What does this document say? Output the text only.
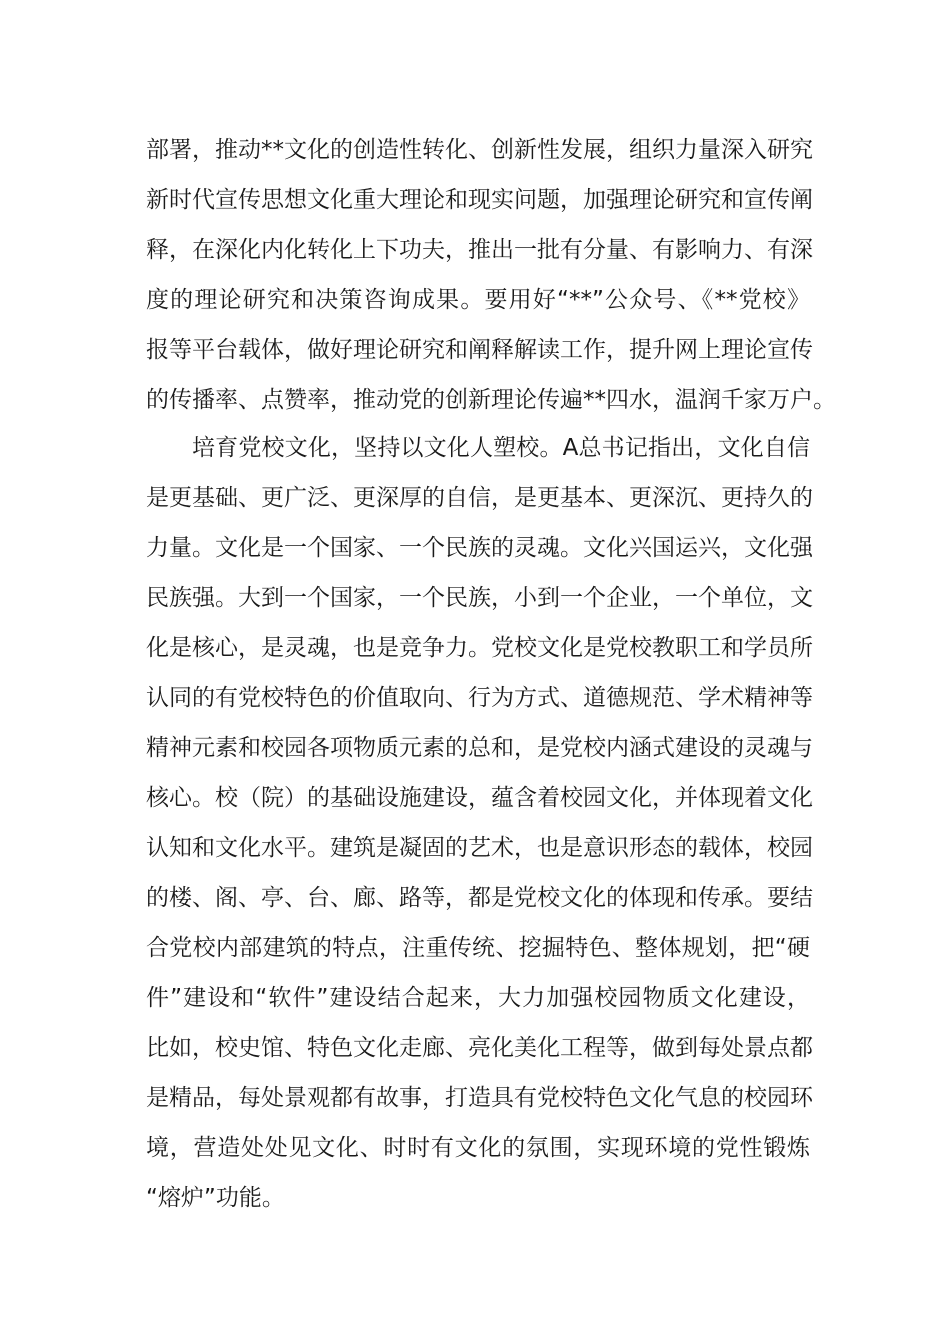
部署，推动**文化的创造性转化、创新性发展，组织力量深入研究
新时代宣传思想文化重大理论和现实问题，加强理论研究和宣传阐
释，在深化内化转化上下功夫，推出一批有分量、有影响力、有深
度的理论研究和决策咨询成果。要用好“**”公众号、《**党校》
报等平台载体，做好理论研究和阐释解读工作，提升网上理论宣传
的传播率、点赞率，推动党的创新理论传遍**四水，温润千家万户。
培育党校文化，坚持以文化人塑校。A总书记指出，文化自信
是更基础、更广泛、更深厚的自信，是更基本、更深沉、更持久的
力量。文化是一个国家、一个民族的灵魂。文化兴国运兴，文化强
民族强。大到一个国家，一个民族，小到一个企业，一个单位，文
化是核心，是灵魂，也是竞争力。党校文化是党校教职工和学员所
认同的有党校特色的价值取向、行为方式、道德规范、学术精神等
精神元素和校园各项物质元素的总和，是党校内涵式建设的灵魂与
核心。校（院）的基础设施建设，蕴含着校园文化，并体现着文化
认知和文化水平。建筑是凝固的艺术，也是意识形态的载体，校园
的楼、阁、亭、台、廊、路等，都是党校文化的体现和传承。要结
合党校内部建筑的特点，注重传统、挖掘特色、整体规划，把“硬
件”建设和“软件”建设结合起来，大力加强校园物质文化建设，
比如，校史馆、特色文化走廊、亮化美化工程等，做到每处景点都
是精品，每处景观都有故事，打造具有党校特色文化气息的校园环
境，营造处处见文化、时时有文化的氛围，实现环境的党性锻炼
“熔炉”功能。
